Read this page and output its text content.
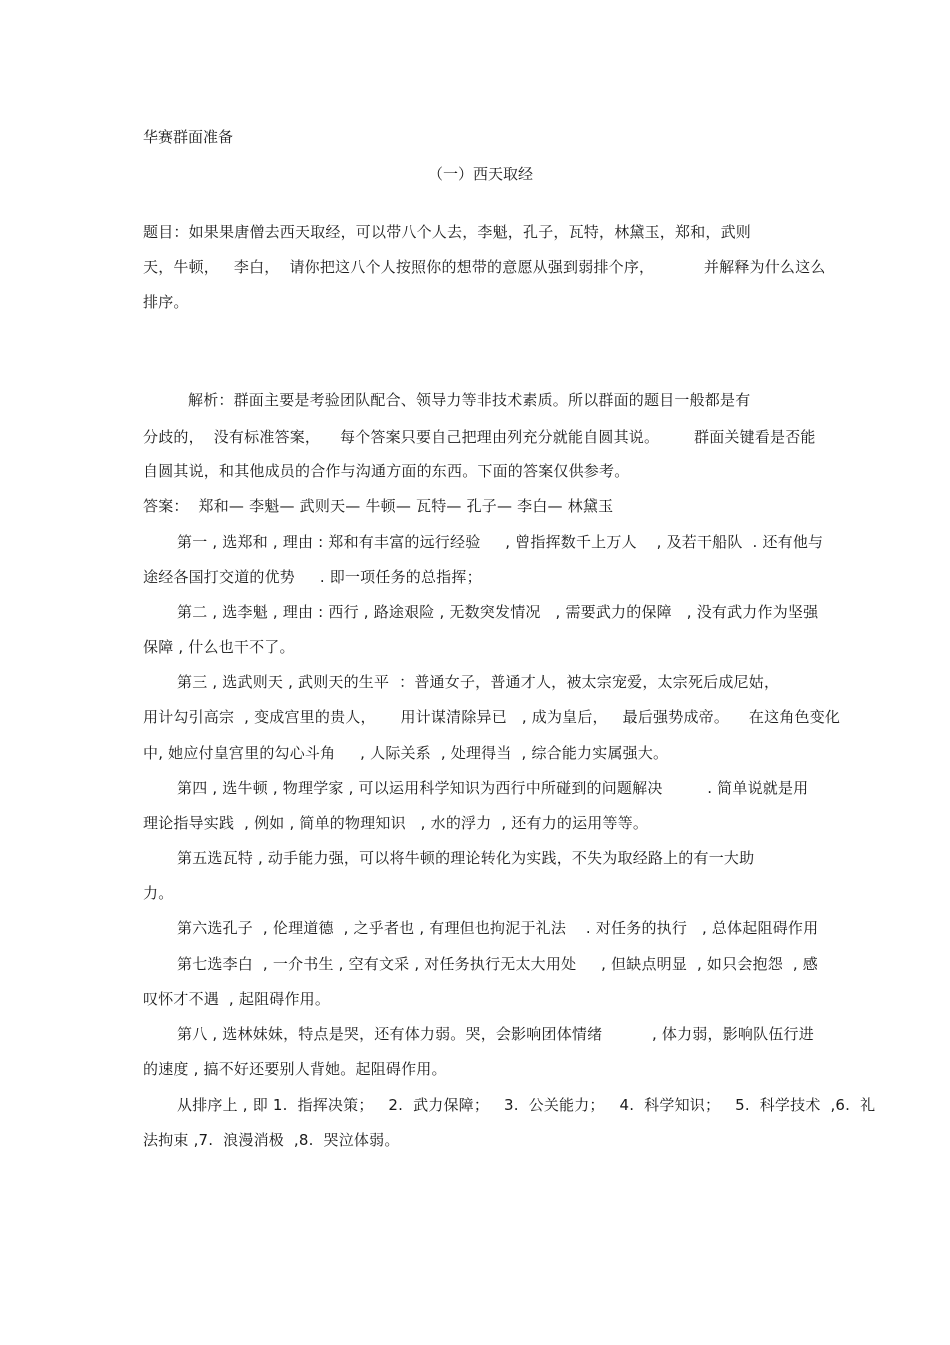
华赛群面准备
（一）西天取经
题目：如果果唐僧去西天取经，可以带八个人去，李魁，孔子，瓦特，林黛玉，郑和，武则
天，牛顿，   李白，  请你把这八个人按照你的想带的意愿从强到弱排个序，          并解释为什么这么
排序。
解析：群面主要是考验团队配合、领导力等非技术素质。所以群面的题目一般都是有
分歧的，  没有标准答案，    每个答案只要自己把理由列充分就能自圆其说。       群面关键看是否能
自圆其说，和其他成员的合作与沟通方面的东西。下面的答案仅供参考。
答案：  郑和— 李魁— 武则天— 牛顿— 瓦特— 孔子— 李白— 林黛玉
第一 , 选郑和 , 理由 : 郑和有丰富的远行经验     , 曾指挥数千上万人    , 及若干船队  . 还有他与
途经各国打交道的优势     . 即一项任务的总指挥；
第二 , 选李魁 , 理由 : 西行 , 路途艰险 , 无数突发情况   , 需要武力的保障   , 没有武力作为坚强
保障 , 什么也干不了。
第三 , 选武则天 , 武则天的生平  ：普通女子，普通才人，被太宗宠爱，太宗死后成尼姑，
用计勾引高宗  , 变成宫里的贵人，     用计谋清除异已   , 成为皇后，   最后强势成帝。    在这角色变化
中, 她应付皇宫里的勾心斗角     , 人际关系  , 处理得当  , 综合能力实属强大。
第四 , 选牛顿 , 物理学家 , 可以运用科学知识为西行中所碰到的问题解决         . 简单说就是用
理论指导实践  , 例如 , 简单的物理知识   , 水的浮力  , 还有力的运用等等。
第五选瓦特 , 动手能力强，可以将牛顿的理论转化为实践，不失为取经路上的有一大助
力。
第六选孔子  , 伦理道德  , 之乎者也 , 有理但也拘泥于礼法    . 对任务的执行   , 总体起阻碍作用
第七选李白  , 一介书生 , 空有文采 , 对任务执行无太大用处     , 但缺点明显  , 如只会抱怨  , 感
叹怀才不遇  , 起阻碍作用。
第八 , 选林妹妹，特点是哭，还有体力弱。哭，会影响团体情绪          , 体力弱，影响队伍行进
的速度 , 搞不好还要别人背她。起阻碍作用。
从排序上 , 即 1.  指挥决策；   2.  武力保障；   3.  公关能力；   4.  科学知识；   5.  科学技术  ,6.  礼
法拘束 ,7.  浪漫消极  ,8.  哭泣体弱。
